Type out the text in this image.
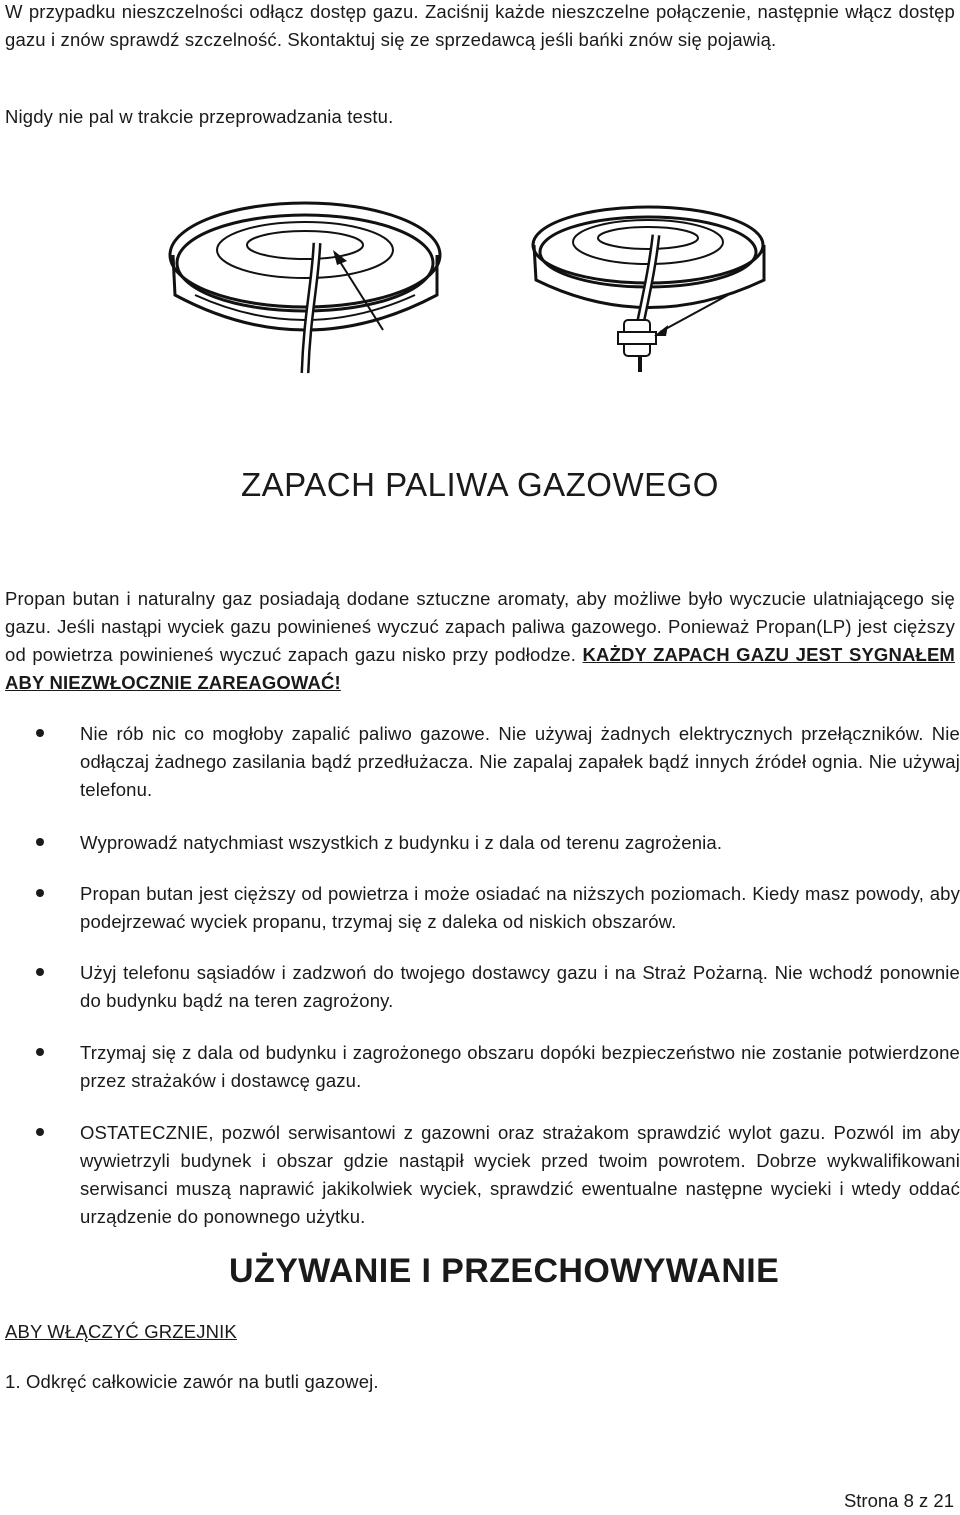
W przypadku nieszczelności odłącz dostęp gazu. Zaciśnij każde nieszczelne połączenie, następnie włącz dostęp gazu i znów sprawdź szczelność. Skontaktuj się ze sprzedawcą jeśli bańki znów się pojawią.
Nigdy nie pal w trakcie przeprowadzania testu.
ZAPACH PALIWA GAZOWEGO
Propan butan i naturalny gaz posiadają dodane sztuczne aromaty, aby możliwe było wyczucie ulatniającego się gazu. Jeśli nastąpi wyciek gazu powinieneś wyczuć zapach paliwa gazowego. Ponieważ Propan(LP) jest cięższy od powietrza powinieneś wyczuć zapach gazu nisko przy podłodze. KAŻDY ZAPACH GAZU JEST SYGNAŁEM ABY NIEZWŁOCZNIE ZAREAGOWAĆ!
Nie rób nic co mogłoby zapalić paliwo gazowe. Nie używaj żadnych elektrycznych przełączników. Nie odłączaj żadnego zasilania bądź przedłużacza. Nie zapalaj zapałek bądź innych źródeł ognia. Nie używaj telefonu.
Wyprowadź natychmiast wszystkich z budynku i z dala od terenu zagrożenia.
Propan butan jest cięższy od powietrza i może osiadać na niższych poziomach. Kiedy masz powody, aby podejrzewać wyciek propanu, trzymaj się z daleka od niskich obszarów.
Użyj telefonu sąsiadów i zadzwoń do twojego dostawcy gazu i na Straż Pożarną. Nie wchodź ponownie do budynku bądź na teren zagrożony.
Trzymaj się z dala od budynku i zagrożonego obszaru dopóki bezpieczeństwo nie zostanie potwierdzone przez strażaków i dostawcę gazu.
OSTATECZNIE, pozwól serwisantowi z gazowni oraz strażakom sprawdzić wylot gazu. Pozwól im aby wywietrzyli budynek i obszar gdzie nastąpił wyciek przed twoim powrotem. Dobrze wykwalifikowani serwisanci muszą naprawić jakikolwiek wyciek, sprawdzić ewentualne następne wycieki i wtedy oddać urządzenie do ponownego użytku.
UŻYWANIE I PRZECHOWYWANIE
ABY WŁĄCZYĆ GRZEJNIK
1. Odkręć całkowicie zawór na butli gazowej.
Strona 8 z 21
